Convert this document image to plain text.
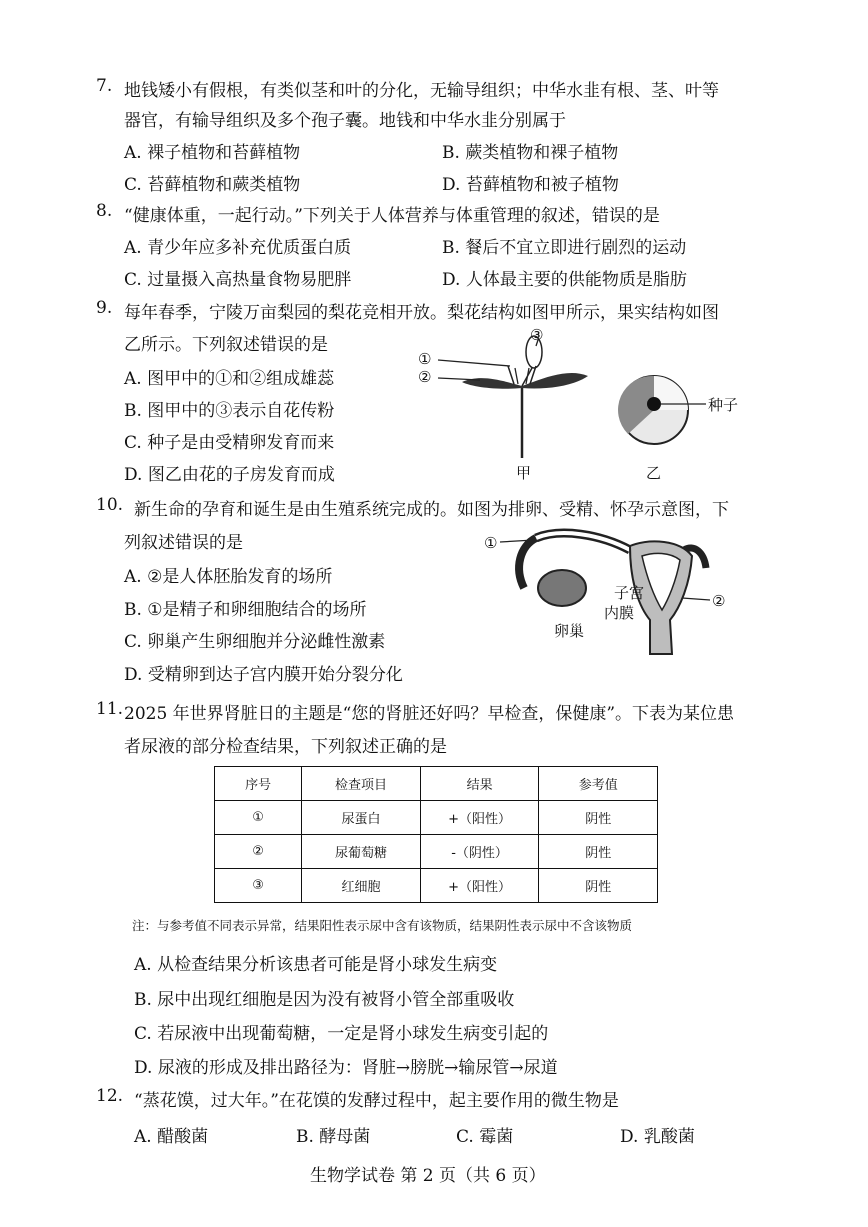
7. 地钱矮小有假根，有类似茎和叶的分化，无输导组织；中华水韭有根、茎、叶等
器官，有输导组织及多个孢子囊。地钱和中华水韭分别属于
A. 裸子植物和苔藓植物	B. 蕨类植物和裸子植物
C. 苔藓植物和蕨类植物	D. 苔藓植物和被子植物
8. “健康体重，一起行动。”下列关于人体营养与体重管理的叙述，错误的是
A. 青少年应多补充优质蛋白质	B. 餐后不宜立即进行剧烈的运动
C. 过量摄入高热量食物易肥胖	D. 人体最主要的供能物质是脂肪
9. 每年春季，宁陵万亩梨园的梨花竞相开放。梨花结构如图甲所示，果实结构如图
乙所示。下列叙述错误的是
A. 图甲中的①和②组成雄蕊
B. 图甲中的③表示自花传粉
C. 种子是由受精卵发育而来
D. 图乙由花的子房发育而成
①
②
③
种子
甲	乙
10. 新生命的孕育和诞生是由生殖系统完成的。如图为排卵、受精、怀孕示意图，下
列叙述错误的是
A. ②是人体胚胎发育的场所
B. ①是精子和卵细胞结合的场所
C. 卵巢产生卵细胞并分泌雌性激素
D. 受精卵到达子宫内膜开始分裂分化
①
②
子宫
内膜
卵巢
11. 2025 年世界肾脏日的主题是“您的肾脏还好吗？早检查，保健康”。下表为某位患
者尿液的部分检查结果，下列叙述正确的是
序号	检查项目	结果	参考值
①	尿蛋白	+（阳性）	阴性
②	尿葡萄糖	-（阴性）	阴性
③	红细胞	+（阳性）	阴性
注：与参考值不同表示异常，结果阳性表示尿中含有该物质，结果阴性表示尿中不含该物质
A. 从检查结果分析该患者可能是肾小球发生病变
B. 尿中出现红细胞是因为没有被肾小管全部重吸收
C. 若尿液中出现葡萄糖，一定是肾小球发生病变引起的
D. 尿液的形成及排出路径为：肾脏→膀胱→输尿管→尿道
12. “蒸花馍，过大年。”在花馍的发酵过程中，起主要作用的微生物是
A. 醋酸菌	B. 酵母菌	C. 霉菌	D. 乳酸菌
生物学试卷 第 2 页（共 6 页）
